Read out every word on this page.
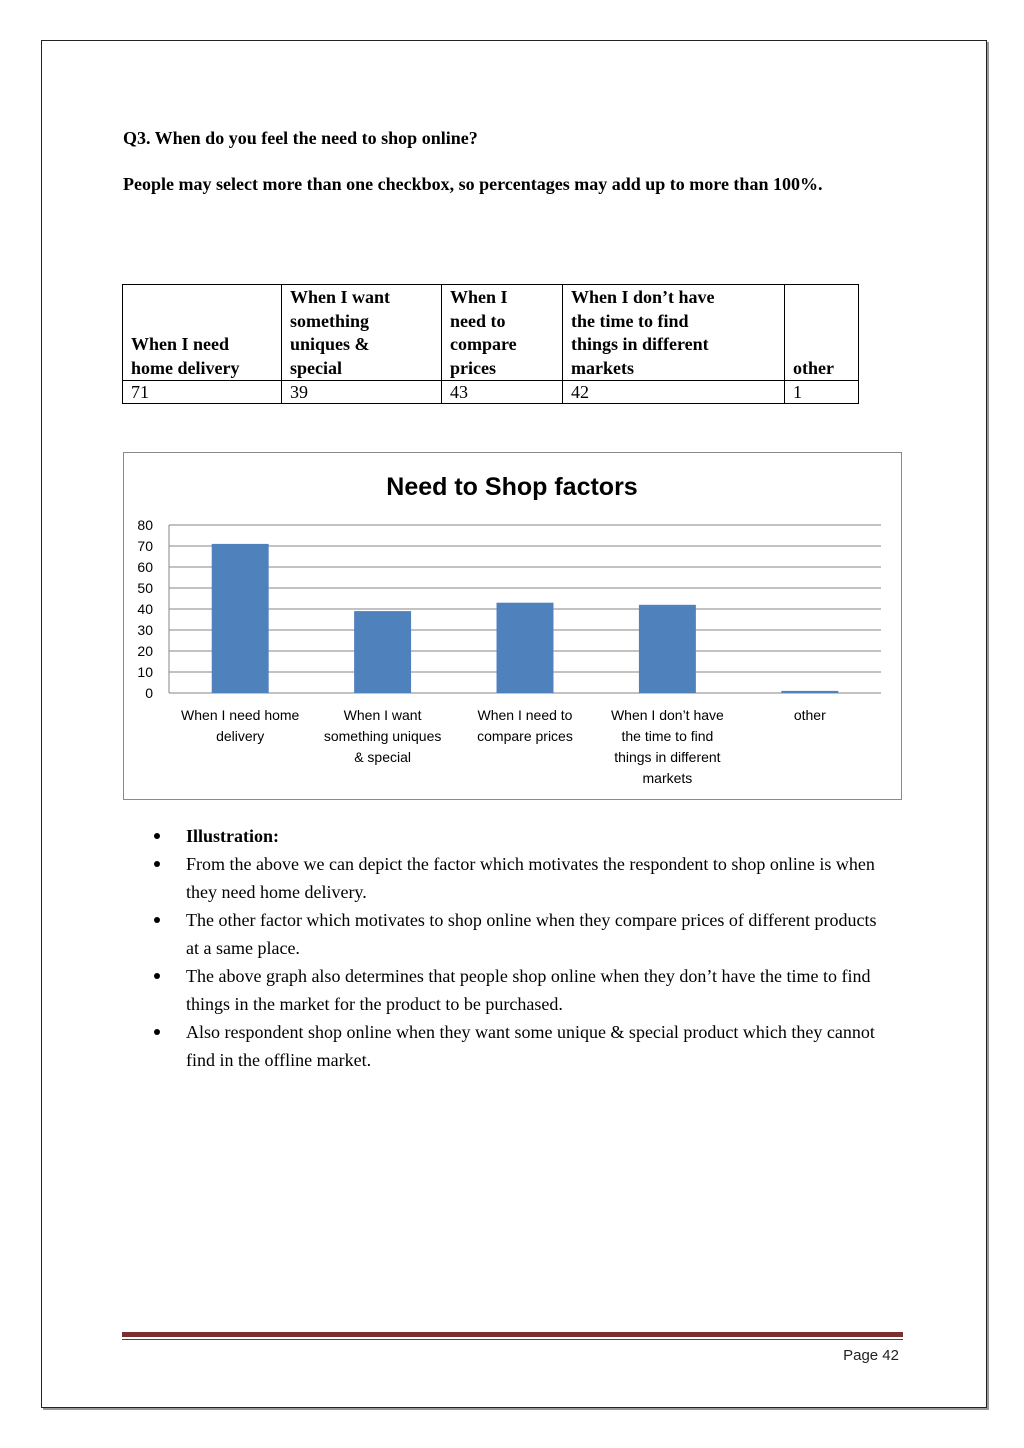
Q3. When do you feel the need to shop online?
People may select more than one checkbox, so percentages may add up to more than 100%.
When I need
home delivery	When I want
something
uniques &
special	When I
need to
compare
prices	When I don’t have
the time to find
things in different
markets	other
71	39	43	42	1
Need to Shop factors
0
10
20
30
40
50
60
70
80
When I need home
delivery
When I want
something uniques
& special
When I need to
compare prices
When I don’t have
the time to find
things in different
markets
other
Illustration:
From the above we can depict the factor which motivates the respondent to shop online is when they need home delivery.
The other factor which motivates to shop online when they compare prices of different products at a same place.
The above graph also determines that people shop online when they don’t have the time to find things in the market for the product to be purchased.
Also respondent shop online when they want some unique & special product which they cannot find in the offline market.
Page 42
